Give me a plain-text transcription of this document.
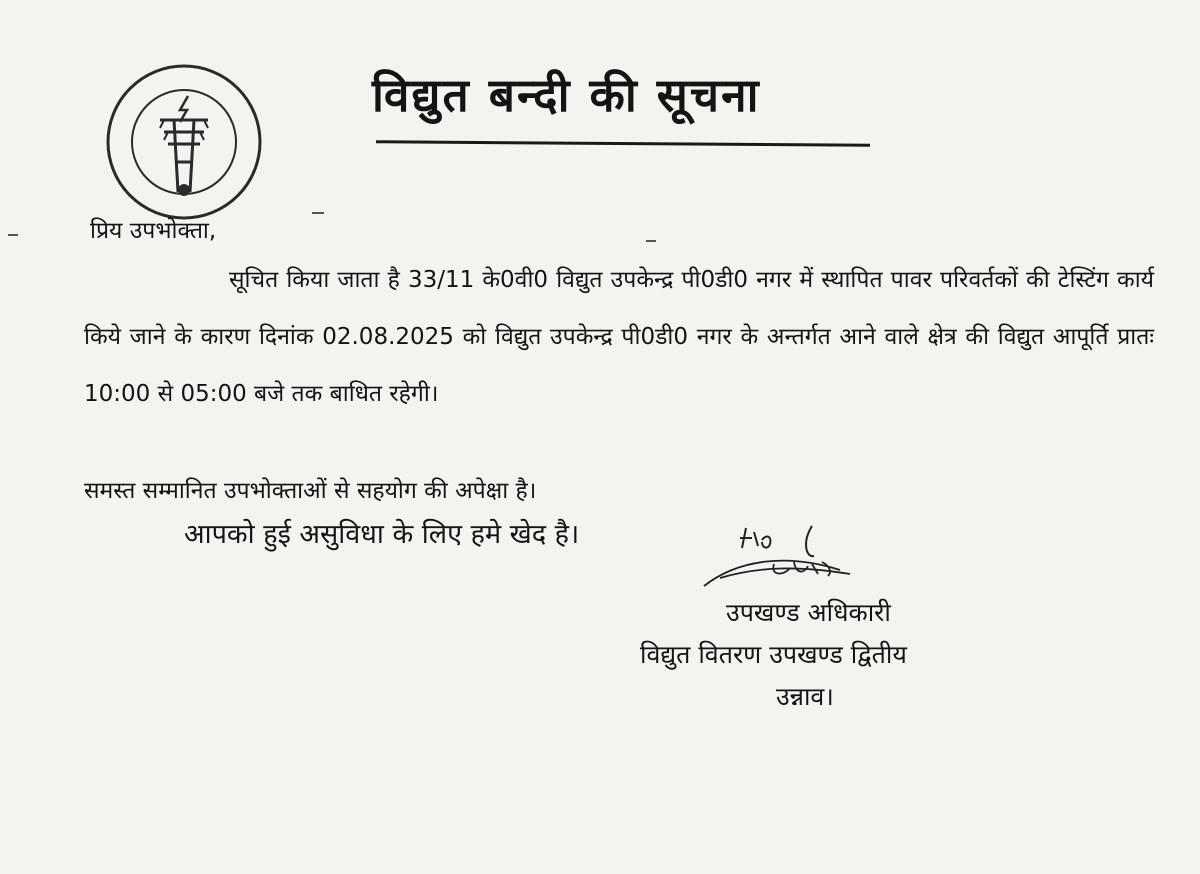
विद्युत बन्दी की सूचना
प्रिय उपभोक्ता,

सूचित किया जाता है 33/11 के0वी0 विद्युत उपकेन्द्र पी0डी0 नगर में स्थापित पावर परिवर्तकों की टेस्टिंग कार्य किये जाने के कारण दिनांक 02.08.2025 को विद्युत उपकेन्द्र पी0डी0 नगर के अन्तर्गत आने वाले क्षेत्र की विद्युत आपूर्ति प्रातः 10:00 से 05:00 बजे तक बाधित रहेगी।

समस्त सम्मानित उपभोक्ताओं से सहयोग की अपेक्षा है।
आपको हुई असुविधा के लिए हमे खेद है।
उपखण्ड अधिकारी
विद्युत वितरण उपखण्ड द्वितीय
उन्नाव।
